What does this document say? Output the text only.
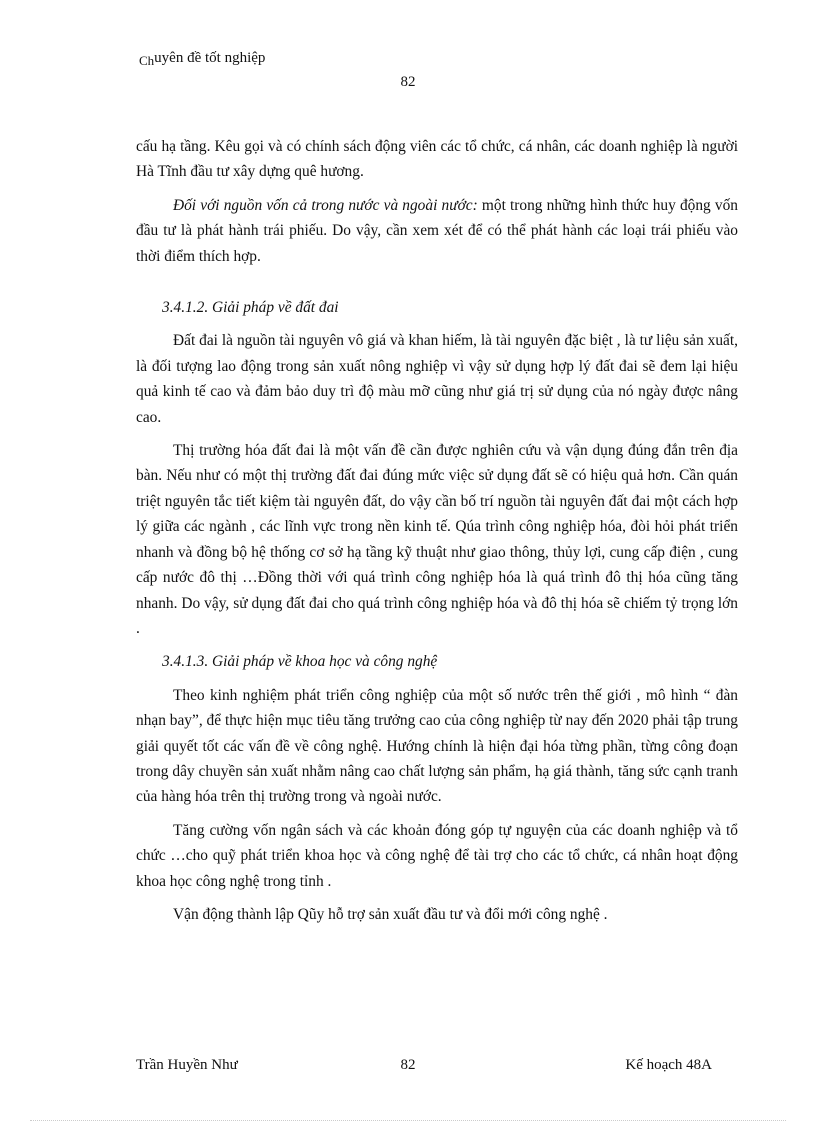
Chuyên đề tốt nghiệp
82

cấu hạ tầng. Kêu gọi và có chính sách động viên các tổ chức, cá nhân, các doanh nghiệp là người Hà Tĩnh đầu tư xây dựng quê hương.

Đối với nguồn vốn cả trong nước và ngoài nước: một trong những hình thức huy động vốn đầu tư là phát hành trái phiếu. Do vậy, cần xem xét để có thể phát hành các loại trái phiếu vào thời điểm thích hợp.

3.4.1.2. Giải pháp về đất đai

Đất đai là nguồn tài nguyên vô giá và khan hiếm, là tài nguyên đặc biệt , là tư liệu sản xuất, là đối tượng lao động trong sản xuất nông nghiệp vì vậy sử dụng hợp lý đất đai sẽ đem lại hiệu quả kinh tế cao và đảm bảo duy trì độ màu mỡ cũng như giá trị sử dụng của nó ngày được nâng cao.

Thị trường hóa đất đai là một vấn đề cần được nghiên cứu và vận dụng đúng đắn trên địa bàn. Nếu như có một thị trường đất đai đúng mức việc sử dụng đất sẽ có hiệu quả hơn. Cần quán triệt nguyên tắc tiết kiệm tài nguyên đất, do vậy cần bố trí nguồn tài nguyên đất đai một cách hợp lý giữa các ngành , các lĩnh vực trong nền kinh tế. Qúa trình công nghiệp hóa, đòi hỏi phát triển nhanh và đồng bộ hệ thống cơ sở hạ tầng kỹ thuật như giao thông, thủy lợi, cung cấp điện , cung cấp nước đô thị …Đồng thời với quá trình công nghiệp hóa là quá trình đô thị hóa cũng tăng nhanh. Do vậy, sử dụng đất đai cho quá trình công nghiệp hóa và đô thị hóa sẽ chiếm tỷ trọng lớn .

3.4.1.3. Giải pháp về khoa học và công nghệ

Theo kinh nghiệm phát triển công nghiệp của một số nước trên thế giới , mô hình “ đàn nhạn bay”, để thực hiện mục tiêu tăng trưởng cao của công nghiệp từ nay đến 2020 phải tập trung giải quyết tốt các vấn đề về công nghệ. Hướng chính là hiện đại hóa từng phần, từng công đoạn trong dây chuyền sản xuất nhằm nâng cao chất lượng sản phẩm, hạ giá thành, tăng sức cạnh tranh của hàng hóa trên thị trường trong và ngoài nước.

Tăng cường vốn ngân sách và các khoản đóng góp tự nguyện của các doanh nghiệp và tổ chức …cho quỹ phát triển khoa học và công nghệ để tài trợ cho các tổ chức, cá nhân hoạt động khoa học công nghệ trong tỉnh .

Vận động thành lập Qũy hỗ trợ sản xuất đầu tư và đổi mới công nghệ .

82
Trần Huyền Như	Kế hoạch 48A
